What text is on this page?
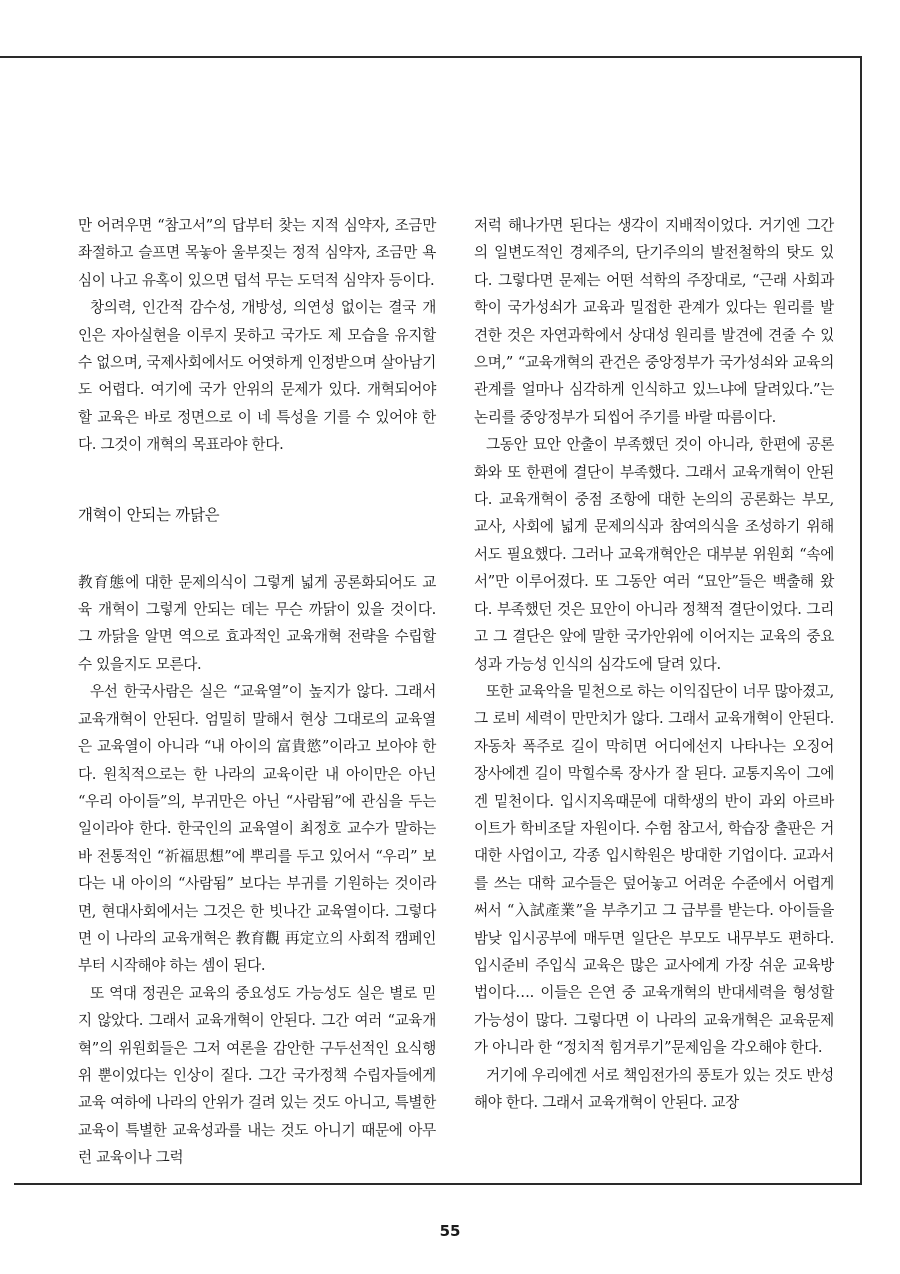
만 어려우면 “참고서”의 답부터 찾는 지적 심약자, 조금만 좌절하고 슬프면 목놓아 울부짖는 정적 심약자, 조금만 욕심이 나고 유혹이 있으면 덥석 무는 도덕적 심약자 등이다.

창의력, 인간적 감수성, 개방성, 의연성 없이는 결국 개인은 자아실현을 이루지 못하고 국가도 제 모습을 유지할 수 없으며, 국제사회에서도 어엿하게 인정받으며 살아남기도 어렵다. 여기에 국가 안위의 문제가 있다. 개혁되어야 할 교육은 바로 정면으로 이 네 특성을 기를 수 있어야 한다. 그것이 개혁의 목표라야 한다.

개혁이 안되는 까닭은

教育態에 대한 문제의식이 그렇게 넓게 공론화되어도 교육 개혁이 그렇게 안되는 데는 무슨 까닭이 있을 것이다. 그 까닭을 알면 역으로 효과적인 교육개혁 전략을 수립할 수 있을지도 모른다.

우선 한국사람은 실은 “교육열”이 높지가 않다. 그래서 교육개혁이 안된다. 엄밀히 말해서 현상 그대로의 교육열은 교육열이 아니라 “내 아이의 富貴慾”이라고 보아야 한다. 원칙적으로는 한 나라의 교육이란 내 아이만은 아닌 “우리 아이들”의, 부귀만은 아닌 “사람됨”에 관심을 두는 일이라야 한다. 한국인의 교육열이 최정호 교수가 말하는 바 전통적인 “祈福思想”에 뿌리를 두고 있어서 “우리” 보다는 내 아이의 “사람됨” 보다는 부귀를 기원하는 것이라면, 현대사회에서는 그것은 한 빗나간 교육열이다. 그렇다면 이 나라의 교육개혁은 教育觀 再定立의 사회적 캠페인부터 시작해야 하는 셈이 된다.

또 역대 정권은 교육의 중요성도 가능성도 실은 별로 믿지 않았다. 그래서 교육개혁이 안된다. 그간 여러 “교육개혁”의 위원회들은 그저 여론을 감안한 구두선적인 요식행위 뿐이었다는 인상이 짙다. 그간 국가정책 수립자들에게 교육 여하에 나라의 안위가 걸려 있는 것도 아니고, 특별한 교육이 특별한 교육성과를 내는 것도 아니기 때문에 아무런 교육이나 그럭

저럭 해나가면 된다는 생각이 지배적이었다. 거기엔 그간의 일변도적인 경제주의, 단기주의의 발전철학의 탓도 있다. 그렇다면 문제는 어떤 석학의 주장대로, “근래 사회과학이 국가성쇠가 교육과 밀접한 관계가 있다는 원리를 발견한 것은 자연과학에서 상대성 원리를 발견에 견줄 수 있으며,” “교육개혁의 관건은 중앙정부가 국가성쇠와 교육의 관계를 얼마나 심각하게 인식하고 있느냐에 달려있다.”는 논리를 중앙정부가 되씹어 주기를 바랄 따름이다.

그동안 묘안 안출이 부족했던 것이 아니라, 한편에 공론화와 또 한편에 결단이 부족했다. 그래서 교육개혁이 안된다. 교육개혁이 중점 조항에 대한 논의의 공론화는 부모, 교사, 사회에 넓게 문제의식과 참여의식을 조성하기 위해서도 필요했다. 그러나 교육개혁안은 대부분 위원회 “속에서”만 이루어졌다. 또 그동안 여러 “묘안”들은 백출해 왔다. 부족했던 것은 묘안이 아니라 정책적 결단이었다. 그리고 그 결단은 앞에 말한 국가안위에 이어지는 교육의 중요성과 가능성 인식의 심각도에 달려 있다.

또한 교육악을 밑천으로 하는 이익집단이 너무 많아졌고, 그 로비 세력이 만만치가 않다. 그래서 교육개혁이 안된다. 자동차 폭주로 길이 막히면 어디에선지 나타나는 오징어 장사에겐 길이 막힐수록 장사가 잘 된다. 교통지옥이 그에겐 밑천이다. 입시지옥때문에 대학생의 반이 과외 아르바이트가 학비조달 자원이다. 수험 참고서, 학습장 출판은 거대한 사업이고, 각종 입시학원은 방대한 기업이다. 교과서를 쓰는 대학 교수들은 덮어놓고 어려운 수준에서 어렵게 써서 “入試產業”을 부추기고 그 급부를 받는다. 아이들을 밤낮 입시공부에 매두면 일단은 부모도 내무부도 편하다. 입시준비 주입식 교육은 많은 교사에게 가장 쉬운 교육방법이다…. 이들은 은연 중 교육개혁의 반대세력을 형성할 가능성이 많다. 그렇다면 이 나라의 교육개혁은 교육문제가 아니라 한 “정치적 힘겨루기”문제임을 각오해야 한다.

거기에 우리에겐 서로 책임전가의 풍토가 있는 것도 반성해야 한다. 그래서 교육개혁이 안된다. 교장

55
